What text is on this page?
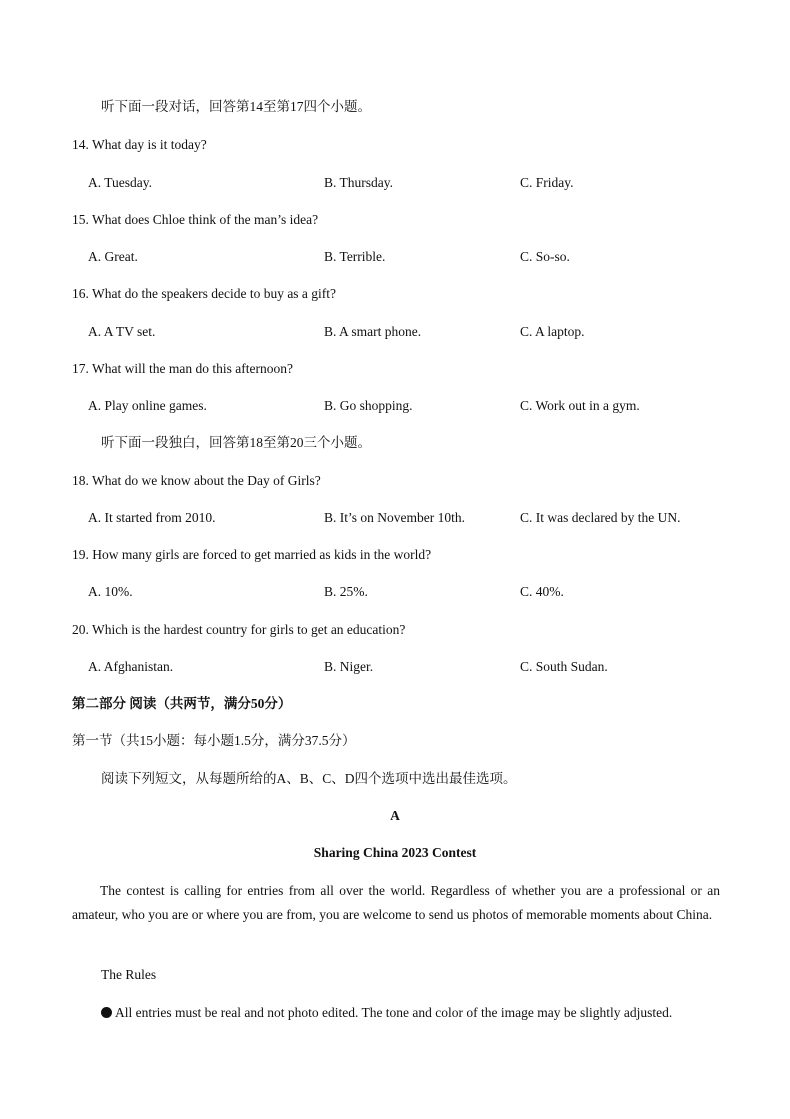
听下面一段对话，回答第14至第17四个小题。
14. What day is it today?
A. Tuesday.	B. Thursday.	C. Friday.
15. What does Chloe think of the man’s idea?
A. Great.	B. Terrible.	C. So-so.
16. What do the speakers decide to buy as a gift?
A. A TV set.	B. A smart phone.	C. A laptop.
17. What will the man do this afternoon?
A. Play online games.	B. Go shopping.	C. Work out in a gym.
听下面一段独白，回答第18至第20三个小题。
18. What do we know about the Day of Girls?
A. It started from 2010.	B. It’s on November 10th.	C. It was declared by the UN.
19. How many girls are forced to get married as kids in the world?
A. 10%.	B. 25%.	C. 40%.
20. Which is the hardest country for girls to get an education?
A. Afghanistan.	B. Niger.	C. South Sudan.
第二部分 阅读（共两节，满分50分）
第一节（共15小题：每小题1.5分，满分37.5分）
阅读下列短文，从每题所给的A、B、C、D四个选项中选出最佳选项。
A
Sharing China 2023 Contest
The contest is calling for entries from all over the world. Regardless of whether you are a professional or an amateur, who you are or where you are from, you are welcome to send us photos of memorable moments about China.
The Rules
All entries must be real and not photo edited. The tone and color of the image may be slightly adjusted.
